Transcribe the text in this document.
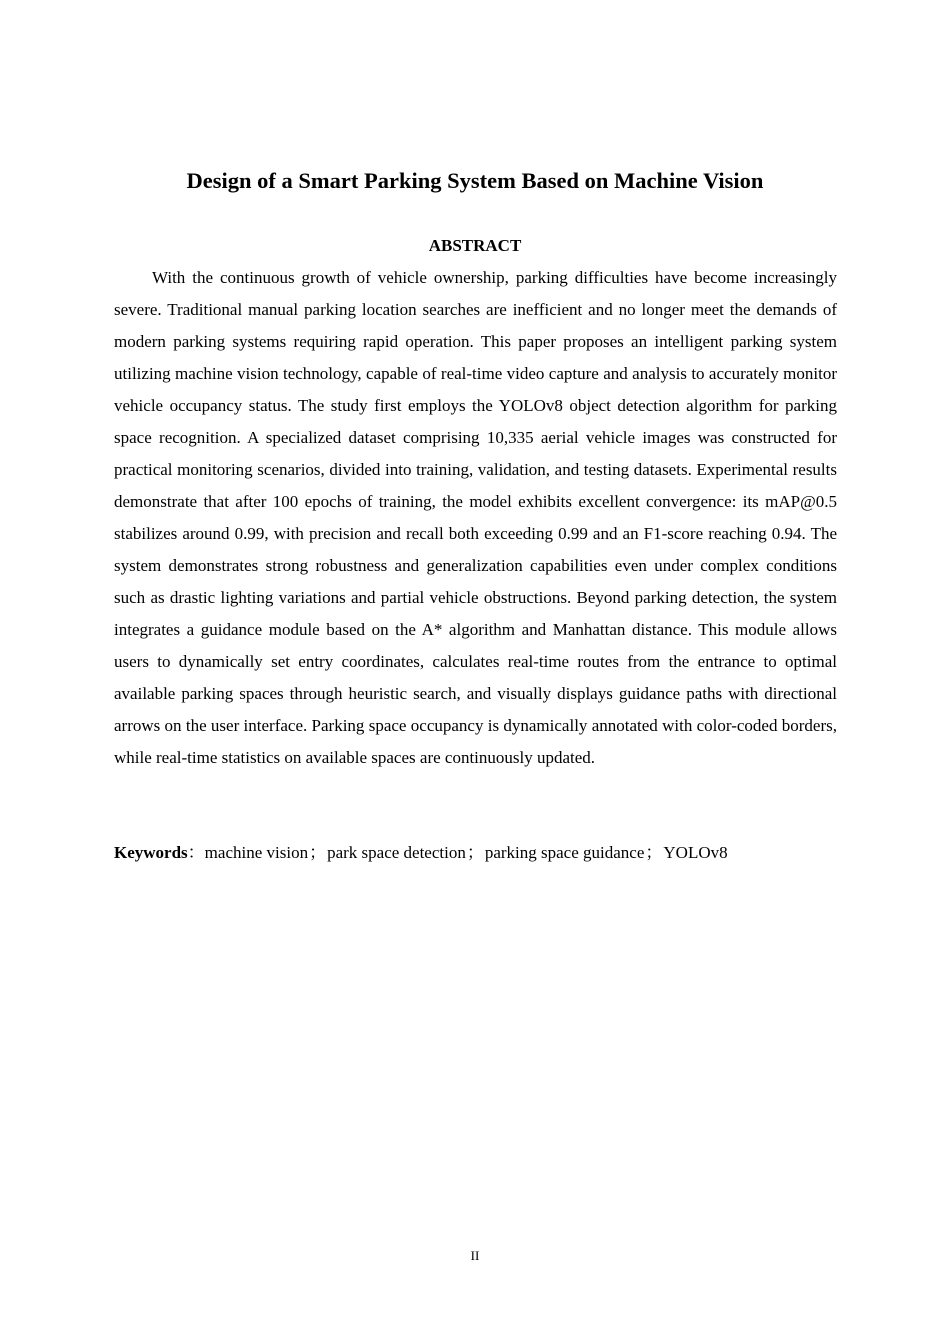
Design of a Smart Parking System Based on Machine Vision
ABSTRACT

With the continuous growth of vehicle ownership, parking difficulties have become increasingly severe. Traditional manual parking location searches are inefficient and no longer meet the demands of modern parking systems requiring rapid operation. This paper proposes an intelligent parking system utilizing machine vision technology, capable of real-time video capture and analysis to accurately monitor vehicle occupancy status. The study first employs the YOLOv8 object detection algorithm for parking space recognition. A specialized dataset comprising 10,335 aerial vehicle images was constructed for practical monitoring scenarios, divided into training, validation, and testing datasets. Experimental results demonstrate that after 100 epochs of training, the model exhibits excellent convergence: its mAP@0.5 stabilizes around 0.99, with precision and recall both exceeding 0.99 and an F1-score reaching 0.94. The system demonstrates strong robustness and generalization capabilities even under complex conditions such as drastic lighting variations and partial vehicle obstructions. Beyond parking detection, the system integrates a guidance module based on the A* algorithm and Manhattan distance. This module allows users to dynamically set entry coordinates, calculates real-time routes from the entrance to optimal available parking spaces through heuristic search, and visually displays guidance paths with directional arrows on the user interface. Parking space occupancy is dynamically annotated with color-coded borders, while real-time statistics on available spaces are continuously updated.

Keywords：machine vision；park space detection；parking space guidance；YOLOv8

II
